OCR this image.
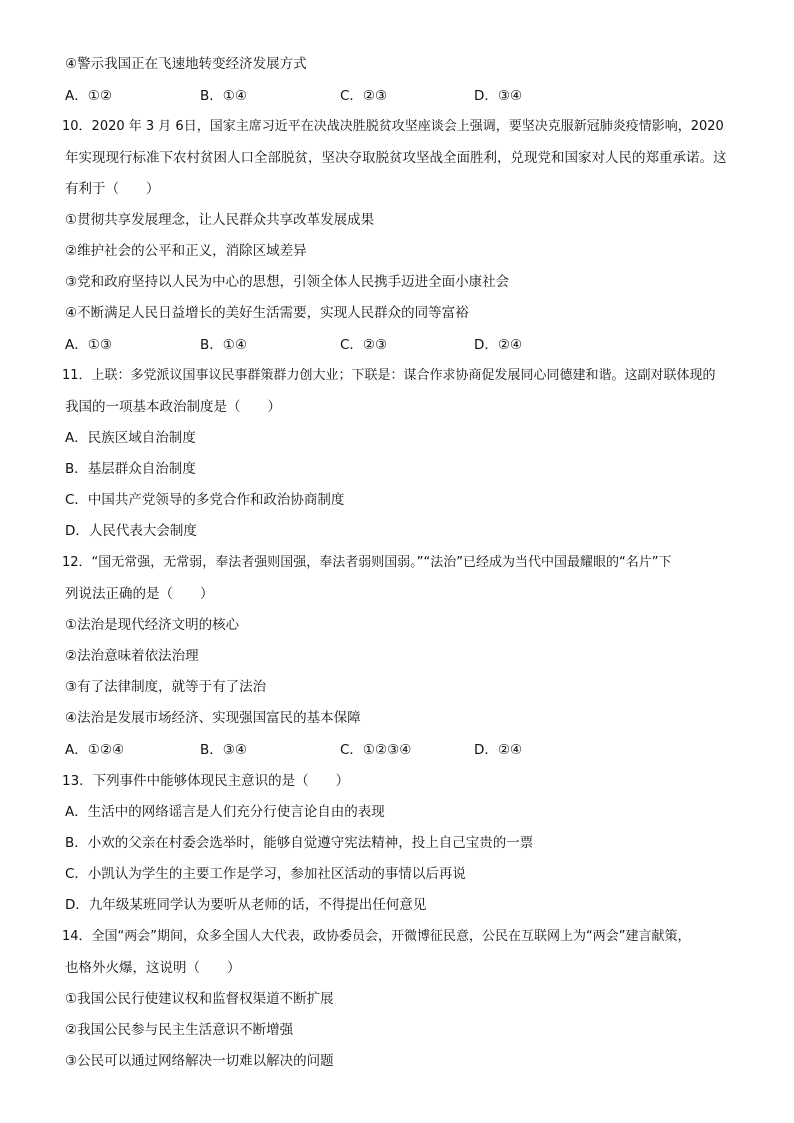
④警示我国正在飞速地转变经济发展方式
A．①②	B．①④	C．②③	D．③④
10．2020 年 3 月 6日，国家主席习近平在决战决胜脱贫攻坚座谈会上强调，要坚决克服新冠肺炎疫情影响，2020
年实现现行标准下农村贫困人口全部脱贫，坚决夺取脱贫攻坚战全面胜利，兑现党和国家对人民的郑重承诺。这
有利于（　　）
①贯彻共享发展理念，让人民群众共享改革发展成果
②维护社会的公平和正义，消除区域差异
③党和政府坚持以人民为中心的思想，引领全体人民携手迈进全面小康社会
④不断满足人民日益增长的美好生活需要，实现人民群众的同等富裕
A．①③	B．①④	C．②③	D．②④
11．上联：多党派议国事议民事群策群力创大业；下联是：谋合作求协商促发展同心同德建和谐。这副对联体现的
我国的一项基本政治制度是（　　）
A．民族区域自治制度
B．基层群众自治制度
C．中国共产党领导的多党合作和政治协商制度
D．人民代表大会制度
12．“国无常强，无常弱，奉法者强则国强，奉法者弱则国弱。”“法治”已经成为当代中国最耀眼的“名片”下
列说法正确的是（　　）
①法治是现代经济文明的核心
②法治意味着依法治理
③有了法律制度，就等于有了法治
④法治是发展市场经济、实现强国富民的基本保障
A．①②④	B．③④	C．①②③④	D．②④
13．下列事件中能够体现民主意识的是（　　）
A．生活中的网络谣言是人们充分行使言论自由的表现
B．小欢的父亲在村委会选举时，能够自觉遵守宪法精神，投上自己宝贵的一票
C．小凯认为学生的主要工作是学习，参加社区活动的事情以后再说
D．九年级某班同学认为要听从老师的话，不得提出任何意见
14．全国“两会”期间，众多全国人大代表，政协委员会，开微博征民意，公民在互联网上为“两会”建言献策，
也格外火爆，这说明（　　）
①我国公民行使建议权和监督权渠道不断扩展
②我国公民参与民主生活意识不断增强
③公民可以通过网络解决一切难以解决的问题
